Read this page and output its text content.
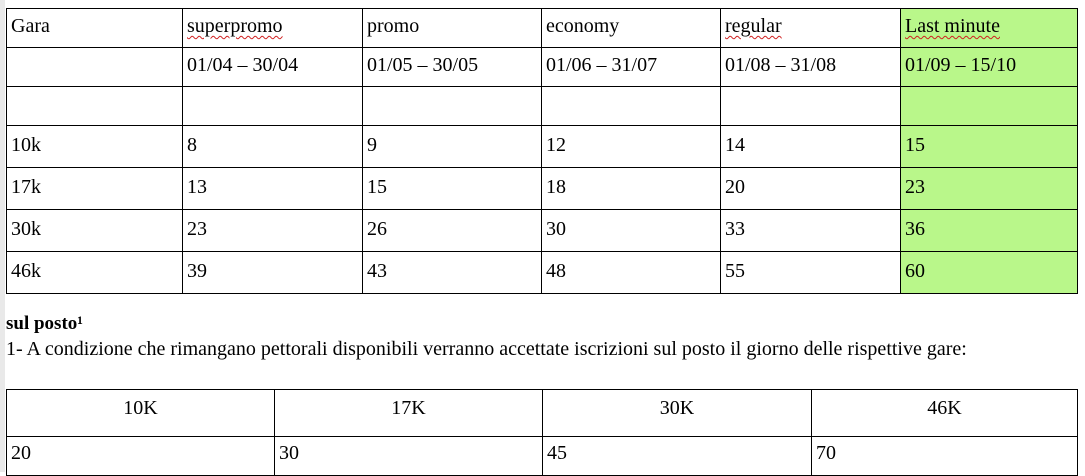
Gara	superpromo	promo	economy	regular	Last minute
	01/04 – 30/04	01/05 – 30/05	01/06 – 31/07	01/08 – 31/08	01/09 – 15/10

10k	8	9	12	14	15
17k	13	15	18	20	23
30k	23	26	30	33	36
46k	39	43	48	55	60
sul posto¹
1- A condizione che rimangano pettorali disponibili verranno accettate iscrizioni sul posto il giorno delle rispettive gare:
10K	17K	30K	46K
20	30	45	70
